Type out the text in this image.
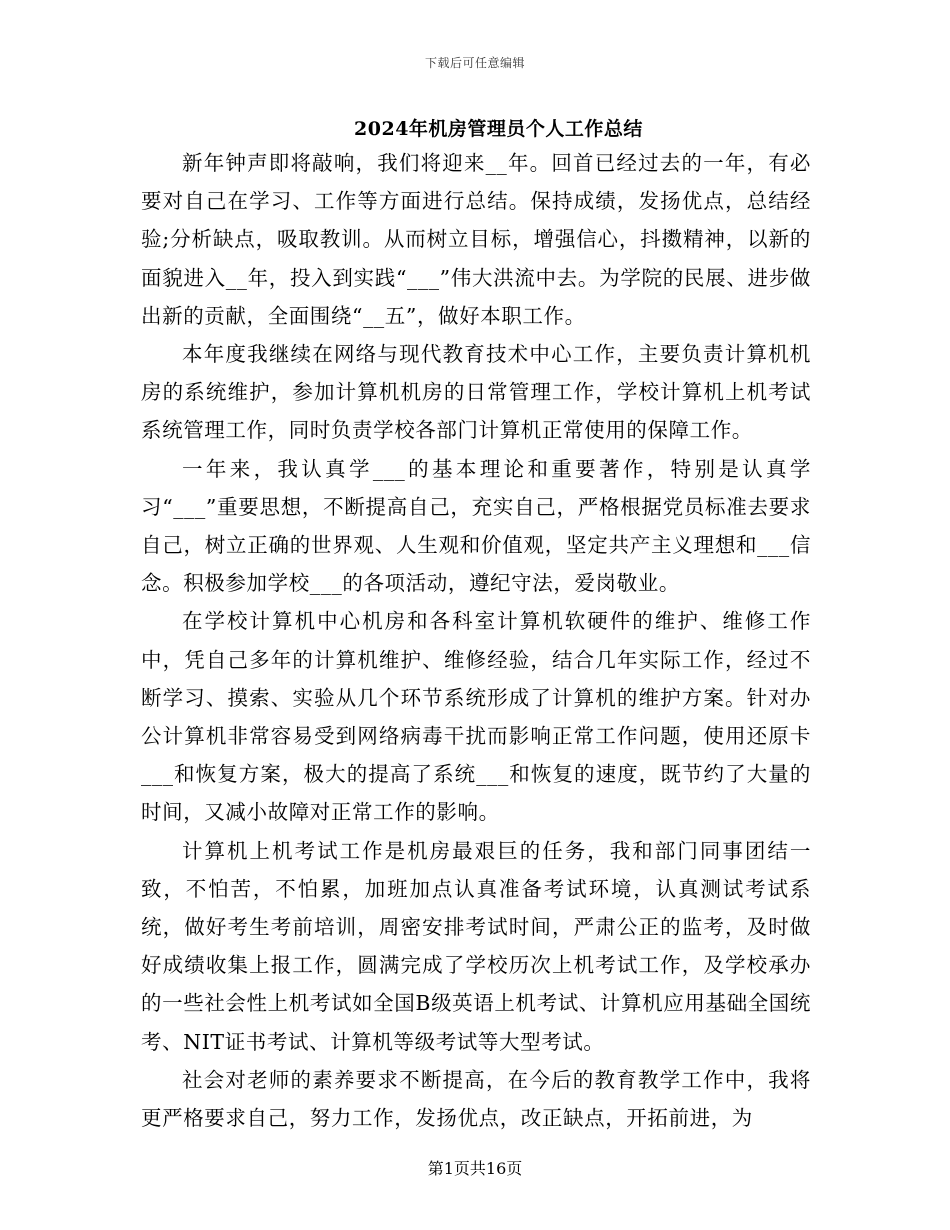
下载后可任意编辑
2024年机房管理员个人工作总结

新年钟声即将敲响，我们将迎来__年。回首已经过去的一年，有必要对自己在学习、工作等方面进行总结。保持成绩，发扬优点，总结经验;分析缺点，吸取教训。从而树立目标，增强信心，抖擞精神，以新的面貌进入__年，投入到实践“___”伟大洪流中去。为学院的民展、进步做出新的贡献，全面围绕“__五”，做好本职工作。

本年度我继续在网络与现代教育技术中心工作，主要负责计算机机房的系统维护，参加计算机机房的日常管理工作，学校计算机上机考试系统管理工作，同时负责学校各部门计算机正常使用的保障工作。

一年来，我认真学___的基本理论和重要著作，特别是认真学习“___”重要思想，不断提高自己，充实自己，严格根据党员标准去要求自己，树立正确的世界观、人生观和价值观，坚定共产主义理想和___信念。积极参加学校___的各项活动，遵纪守法，爱岗敬业。

在学校计算机中心机房和各科室计算机软硬件的维护、维修工作中，凭自己多年的计算机维护、维修经验，结合几年实际工作，经过不断学习、摸索、实验从几个环节系统形成了计算机的维护方案。针对办公计算机非常容易受到网络病毒干扰而影响正常工作问题，使用还原卡___和恢复方案，极大的提高了系统___和恢复的速度，既节约了大量的时间，又减小故障对正常工作的影响。

计算机上机考试工作是机房最艰巨的任务，我和部门同事团结一致，不怕苦，不怕累，加班加点认真准备考试环境，认真测试考试系统，做好考生考前培训，周密安排考试时间，严肃公正的监考，及时做好成绩收集上报工作，圆满完成了学校历次上机考试工作，及学校承办的一些社会性上机考试如全国B级英语上机考试、计算机应用基础全国统考、NIT证书考试、计算机等级考试等大型考试。

社会对老师的素养要求不断提高，在今后的教育教学工作中，我将更严格要求自己，努力工作，发扬优点，改正缺点，开拓前进，为

第1页共16页
